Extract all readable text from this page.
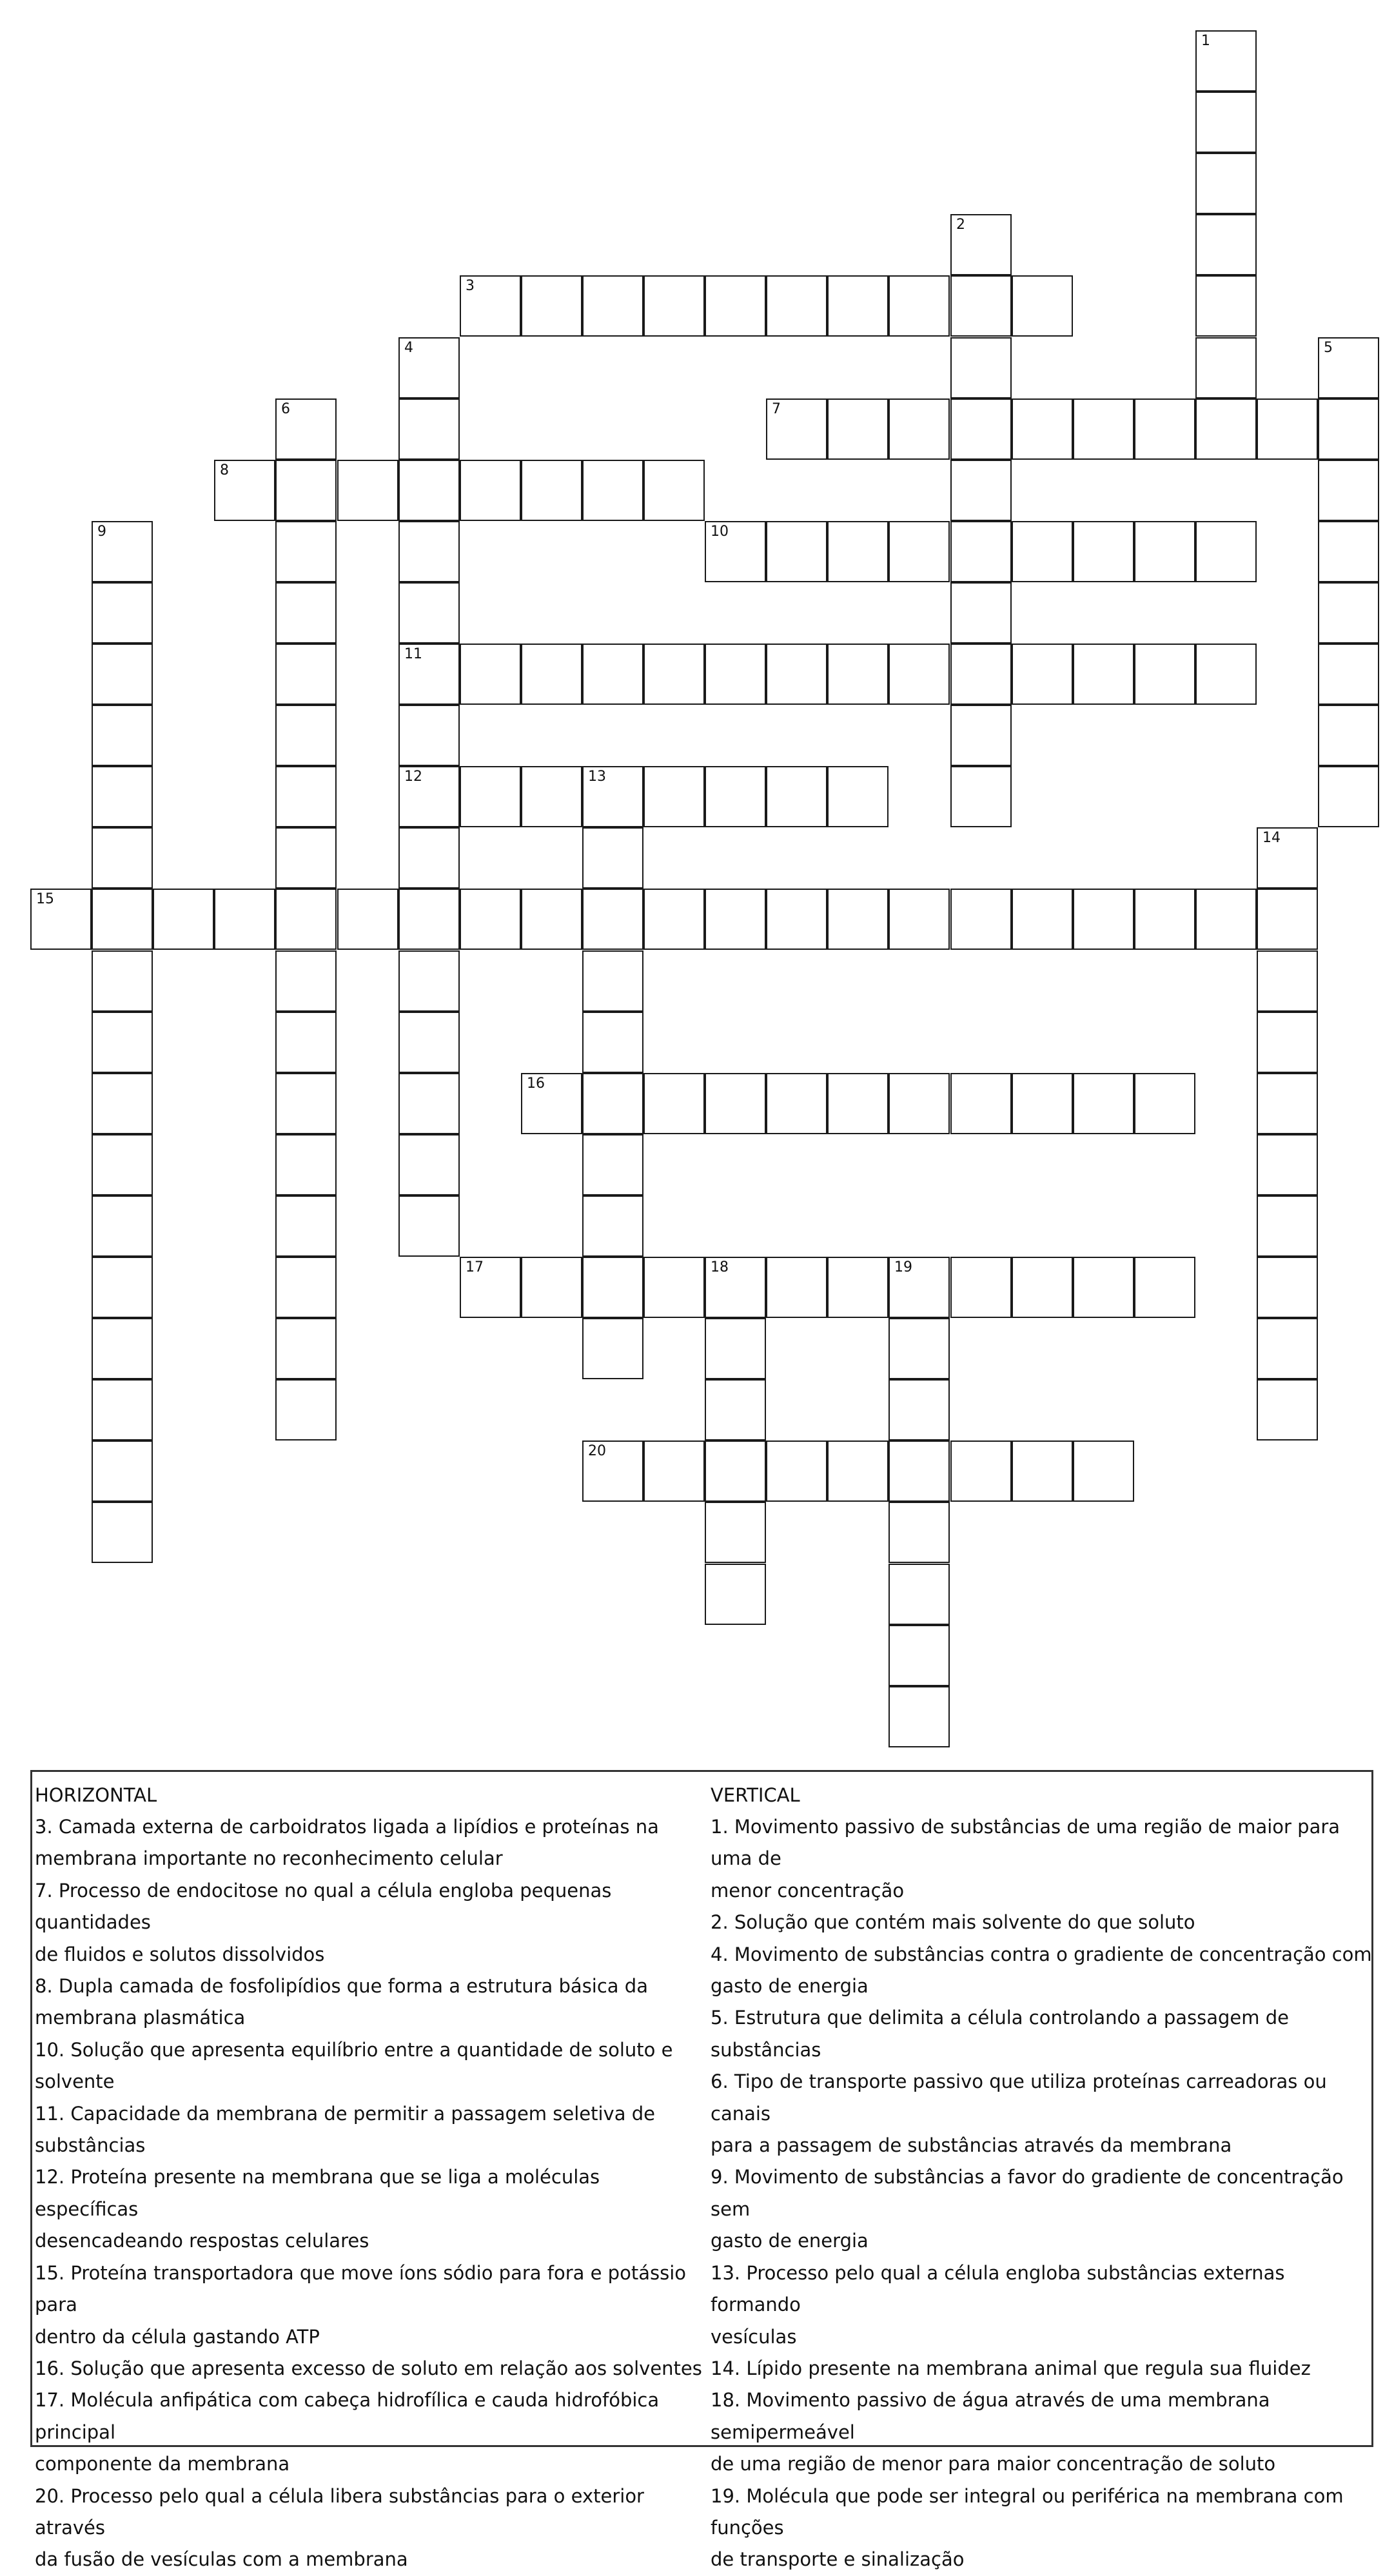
1
2
3
4
11
12
5
6	7
8
9	10
13
14
15
16
17	18	19
20

HORIZONTAL

3. Camada externa de carboidratos ligada a lipídios e proteínas na

membrana importante no reconhecimento celular

7. Processo de endocitose no qual a célula engloba pequenas quantidades

de fluidos e solutos dissolvidos

8. Dupla camada de fosfolipídios que forma a estrutura básica da

membrana plasmática

10. Solução que apresenta equilíbrio entre a quantidade de soluto e

solvente

11. Capacidade da membrana de permitir a passagem seletiva de

substâncias

12. Proteína presente na membrana que se liga a moléculas específicas

desencadeando respostas celulares

15. Proteína transportadora que move íons sódio para fora e potássio para

dentro da célula gastando ATP

16. Solução que apresenta excesso de soluto em relação aos solventes

17. Molécula anfipática com cabeça hidrofílica e cauda hidrofóbica principal

componente da membrana

20. Processo pelo qual a célula libera substâncias para o exterior através

da fusão de vesículas com a membrana

VERTICAL

1. Movimento passivo de substâncias de uma região de maior para uma de

menor concentração

2. Solução que contém mais solvente do que soluto

4. Movimento de substâncias contra o gradiente de concentração com

gasto de energia

5. Estrutura que delimita a célula controlando a passagem de substâncias

6. Tipo de transporte passivo que utiliza proteínas carreadoras ou canais

para a passagem de substâncias através da membrana

9. Movimento de substâncias a favor do gradiente de concentração sem

gasto de energia

13. Processo pelo qual a célula engloba substâncias externas formando

vesículas

14. Lípido presente na membrana animal que regula sua fluidez

18. Movimento passivo de água através de uma membrana semipermeável

de uma região de menor para maior concentração de soluto

19. Molécula que pode ser integral ou periférica na membrana com funções

de transporte e sinalização
